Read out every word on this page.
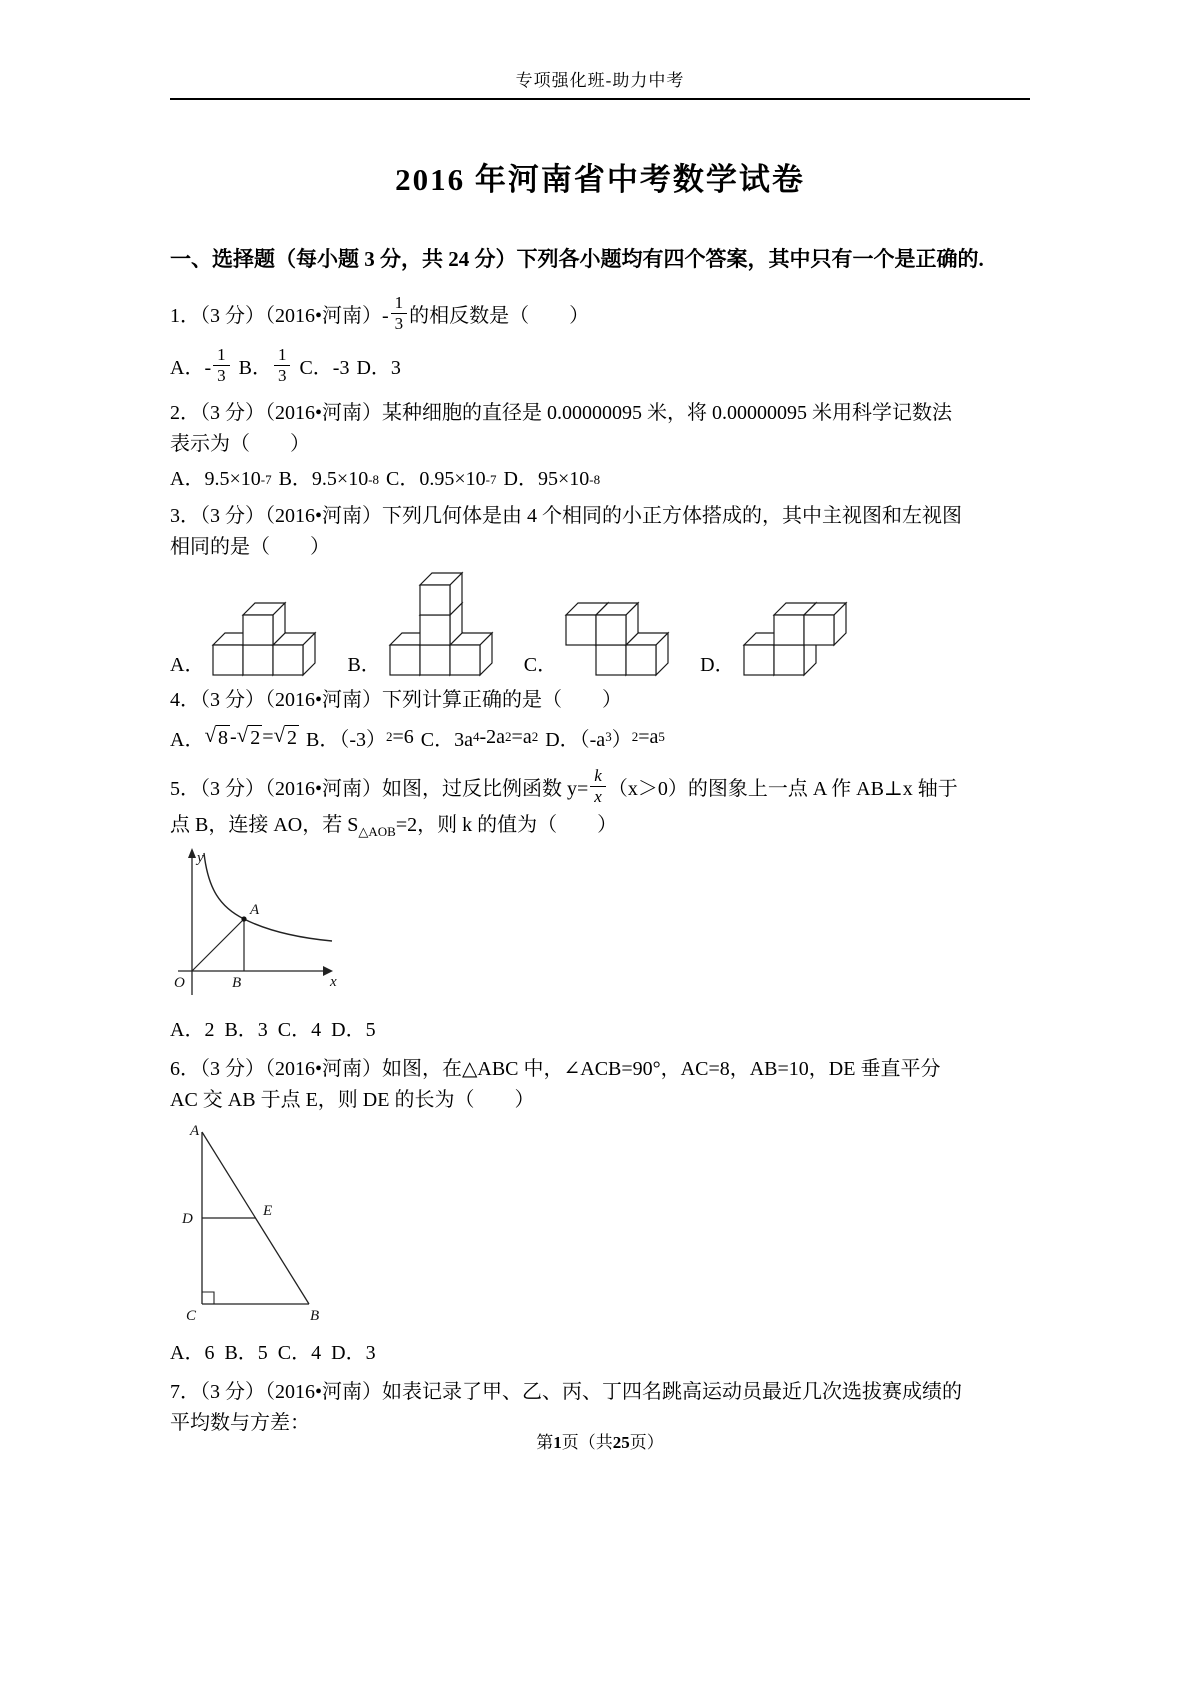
专项强化班-助力中考
2016 年河南省中考数学试卷
一、选择题（每小题 3 分，共 24 分）下列各小题均有四个答案，其中只有一个是正确的.
1．（3 分）（2016•河南）- $\frac{1}{3}$ 的相反数是（　　）
A．- $\frac{1}{3}$ B． $\frac{1}{3}$ C．-3 D．3
2．（3 分）（2016•河南）某种细胞的直径是 0.00000095 米，将 0.00000095 米用科学记数法
表示为（　　）
A．9.5×10 -7 B．9.5×10 -8 C．0.95×10 -7 D．95×10 -8
3．（3 分）（2016•河南）下列几何体是由 4 个相同的小正方体搭成的，其中主视图和左视图
相同的是（　　）
A．	B．	C．	D．
4．（3 分）（2016•河南）下列计算正确的是（　　）
A． √ 8 - √ 2 = √ 2 B．（-3） 2 =6 C．3a 4 -2a 2 =a 2 D．（-a 3 ） 2 =a 5
5．（3 分）（2016•河南）如图，过反比例函数 $y= \frac{k}{x} (x>0)$的图象上一点 A 作 AB⊥x 轴于
点 B，连接 AO，若 $S_{\triangle AOB}=2$，则 k 的值为（　　）
y
x
O
A
B
A．2 B．3 C．4 D．5
6．（3 分）（2016•河南）如图，在△ABC 中，∠ACB=90°，AC=8，AB=10，DE 垂直平分
AC 交 AB 于点 E，则 DE 的长为（　　）
A
D	E
C	B
A．6 B．5 C．4 D．3
7．（3 分）（2016•河南）如表记录了甲、乙、丙、丁四名跳高运动员最近几次选拔赛成绩的
平均数与方差：
第1页（共25页）
